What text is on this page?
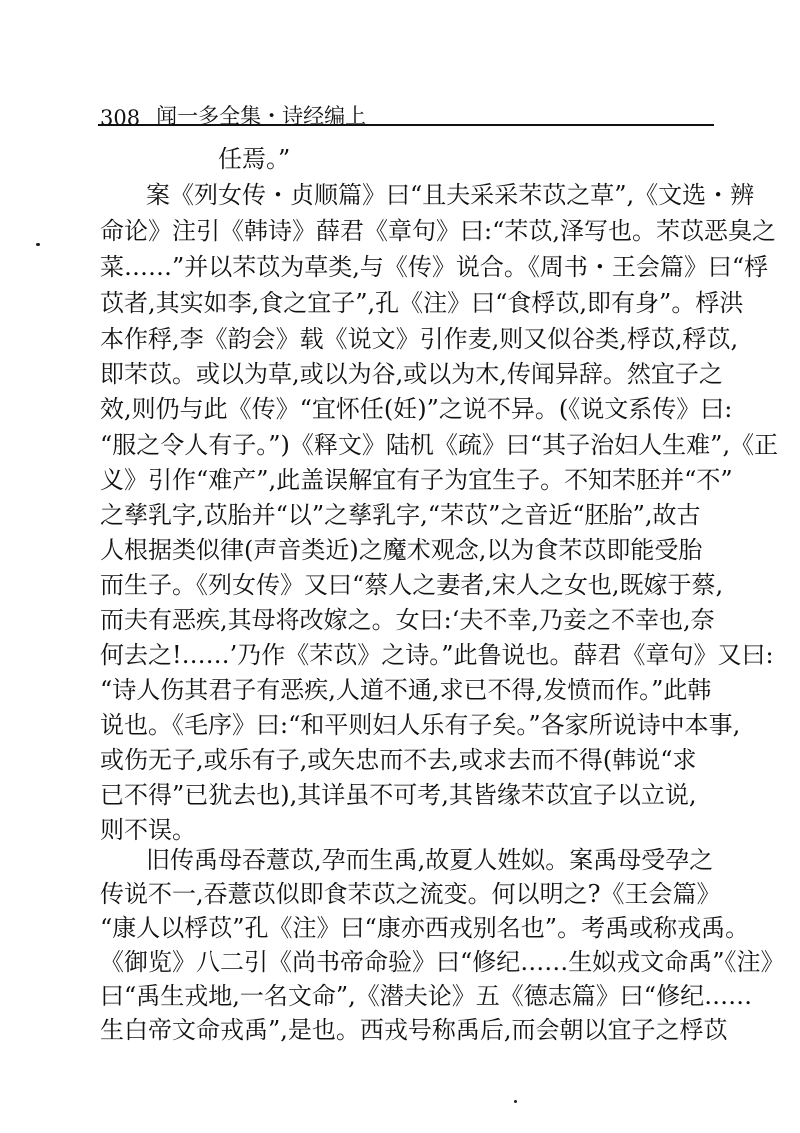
308 闻一多全集・诗经编上
任焉。”
案《列女传・贞顺篇》曰“且夫采采芣苡之草”,《文选・辨
命论》注引《韩诗》薛君《章句》曰:“芣苡,泽写也。芣苡恶臭之
菜……”并以芣苡为草类,与《传》说合。《周书・王会篇》曰“桴
苡者,其实如李,食之宜子”,孔《注》曰“食桴苡,即有身”。桴洪
本作稃,李《韵会》载《说文》引作麦,则又似谷类,桴苡,稃苡,
即芣苡。或以为草,或以为谷,或以为木,传闻异辞。然宜子之
效,则仍与此《传》“宜怀任(妊)”之说不异。(《说文系传》曰:
“服之令人有子。”)《释文》陆机《疏》曰“其子治妇人生难”,《正
义》引作“难产”,此盖误解宜有子为宜生子。不知芣胚并“不”
之孳乳字,苡胎并“以”之孳乳字,“芣苡”之音近“胚胎”,故古
人根据类似律(声音类近)之魔术观念,以为食芣苡即能受胎
而生子。《列女传》又曰“蔡人之妻者,宋人之女也,既嫁于蔡,
而夫有恶疾,其母将改嫁之。女曰:‘夫不幸,乃妾之不幸也,奈
何去之!……’乃作《芣苡》之诗。”此鲁说也。薛君《章句》又曰:
“诗人伤其君子有恶疾,人道不通,求已不得,发愤而作。”此韩
说也。《毛序》曰:“和平则妇人乐有子矣。”各家所说诗中本事,
或伤无子,或乐有子,或矢忠而不去,或求去而不得(韩说“求
已不得”已犹去也),其详虽不可考,其皆缘芣苡宜子以立说,
则不误。
旧传禹母吞薏苡,孕而生禹,故夏人姓姒。案禹母受孕之
传说不一,吞薏苡似即食芣苡之流变。何以明之?《王会篇》
“康人以桴苡”孔《注》曰“康亦西戎别名也”。考禹或称戎禹。
《御览》八二引《尚书帝命验》曰“修纪……生姒戎文命禹”《注》
曰“禹生戎地,一名文命”,《潜夫论》五《德志篇》曰“修纪……
生白帝文命戎禹”,是也。西戎号称禹后,而会朝以宜子之桴苡
